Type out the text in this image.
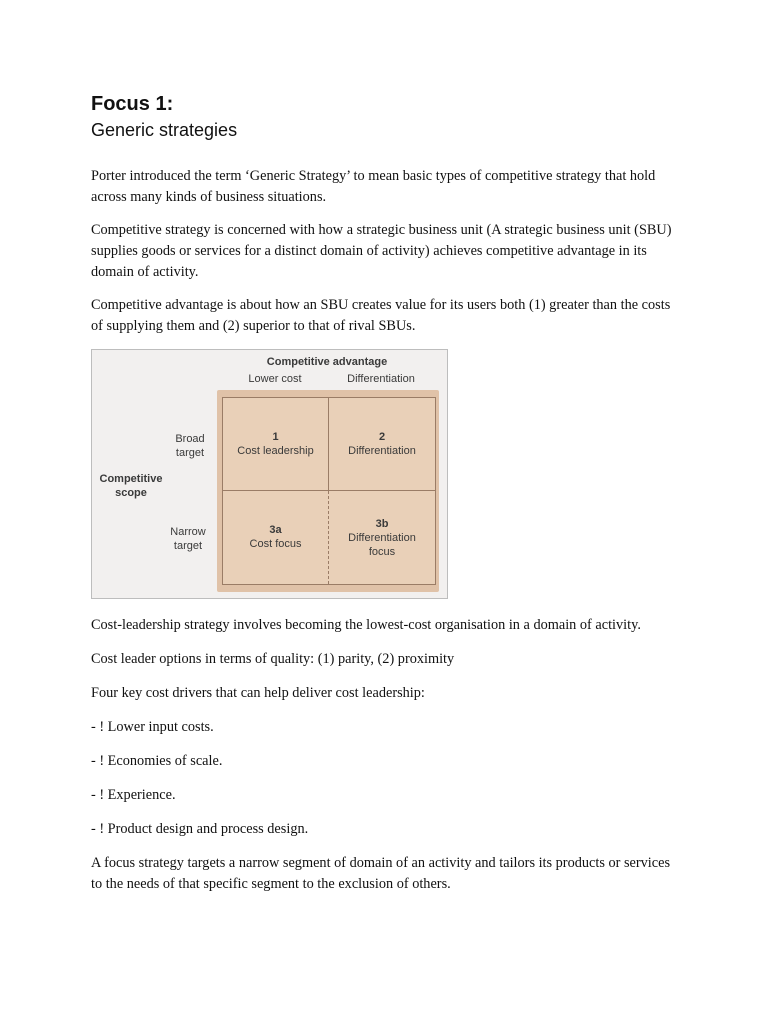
Focus 1:
Generic strategies

Porter introduced the term ‘Generic Strategy’ to mean basic types of competitive strategy that hold across many kinds of business situations.

Competitive strategy is concerned with how a strategic business unit (A strategic business unit (SBU) supplies goods or services for a distinct domain of activity) achieves competitive advantage in its domain of activity.

Competitive advantage is about how an SBU creates value for its users both (1) greater than the costs of supplying them and (2) superior to that of rival SBUs.

Competitive advantage
Lower cost	Differentiation
Broad
target
Narrow
target
Competitive
scope
1
Cost leadership
2
Differentiation
3a
Cost focus
3b
Differentiation
focus

Cost-leadership strategy involves becoming the lowest-cost organisation in a domain of activity.

Cost leader options in terms of quality: (1) parity, (2) proximity

Four key cost drivers that can help deliver cost leadership:

- ! Lower input costs.

- ! Economies of scale.

- ! Experience.

- ! Product design and process design.

A focus strategy targets a narrow segment of domain of an activity and tailors its products or services to the needs of that specific segment to the exclusion of others.
